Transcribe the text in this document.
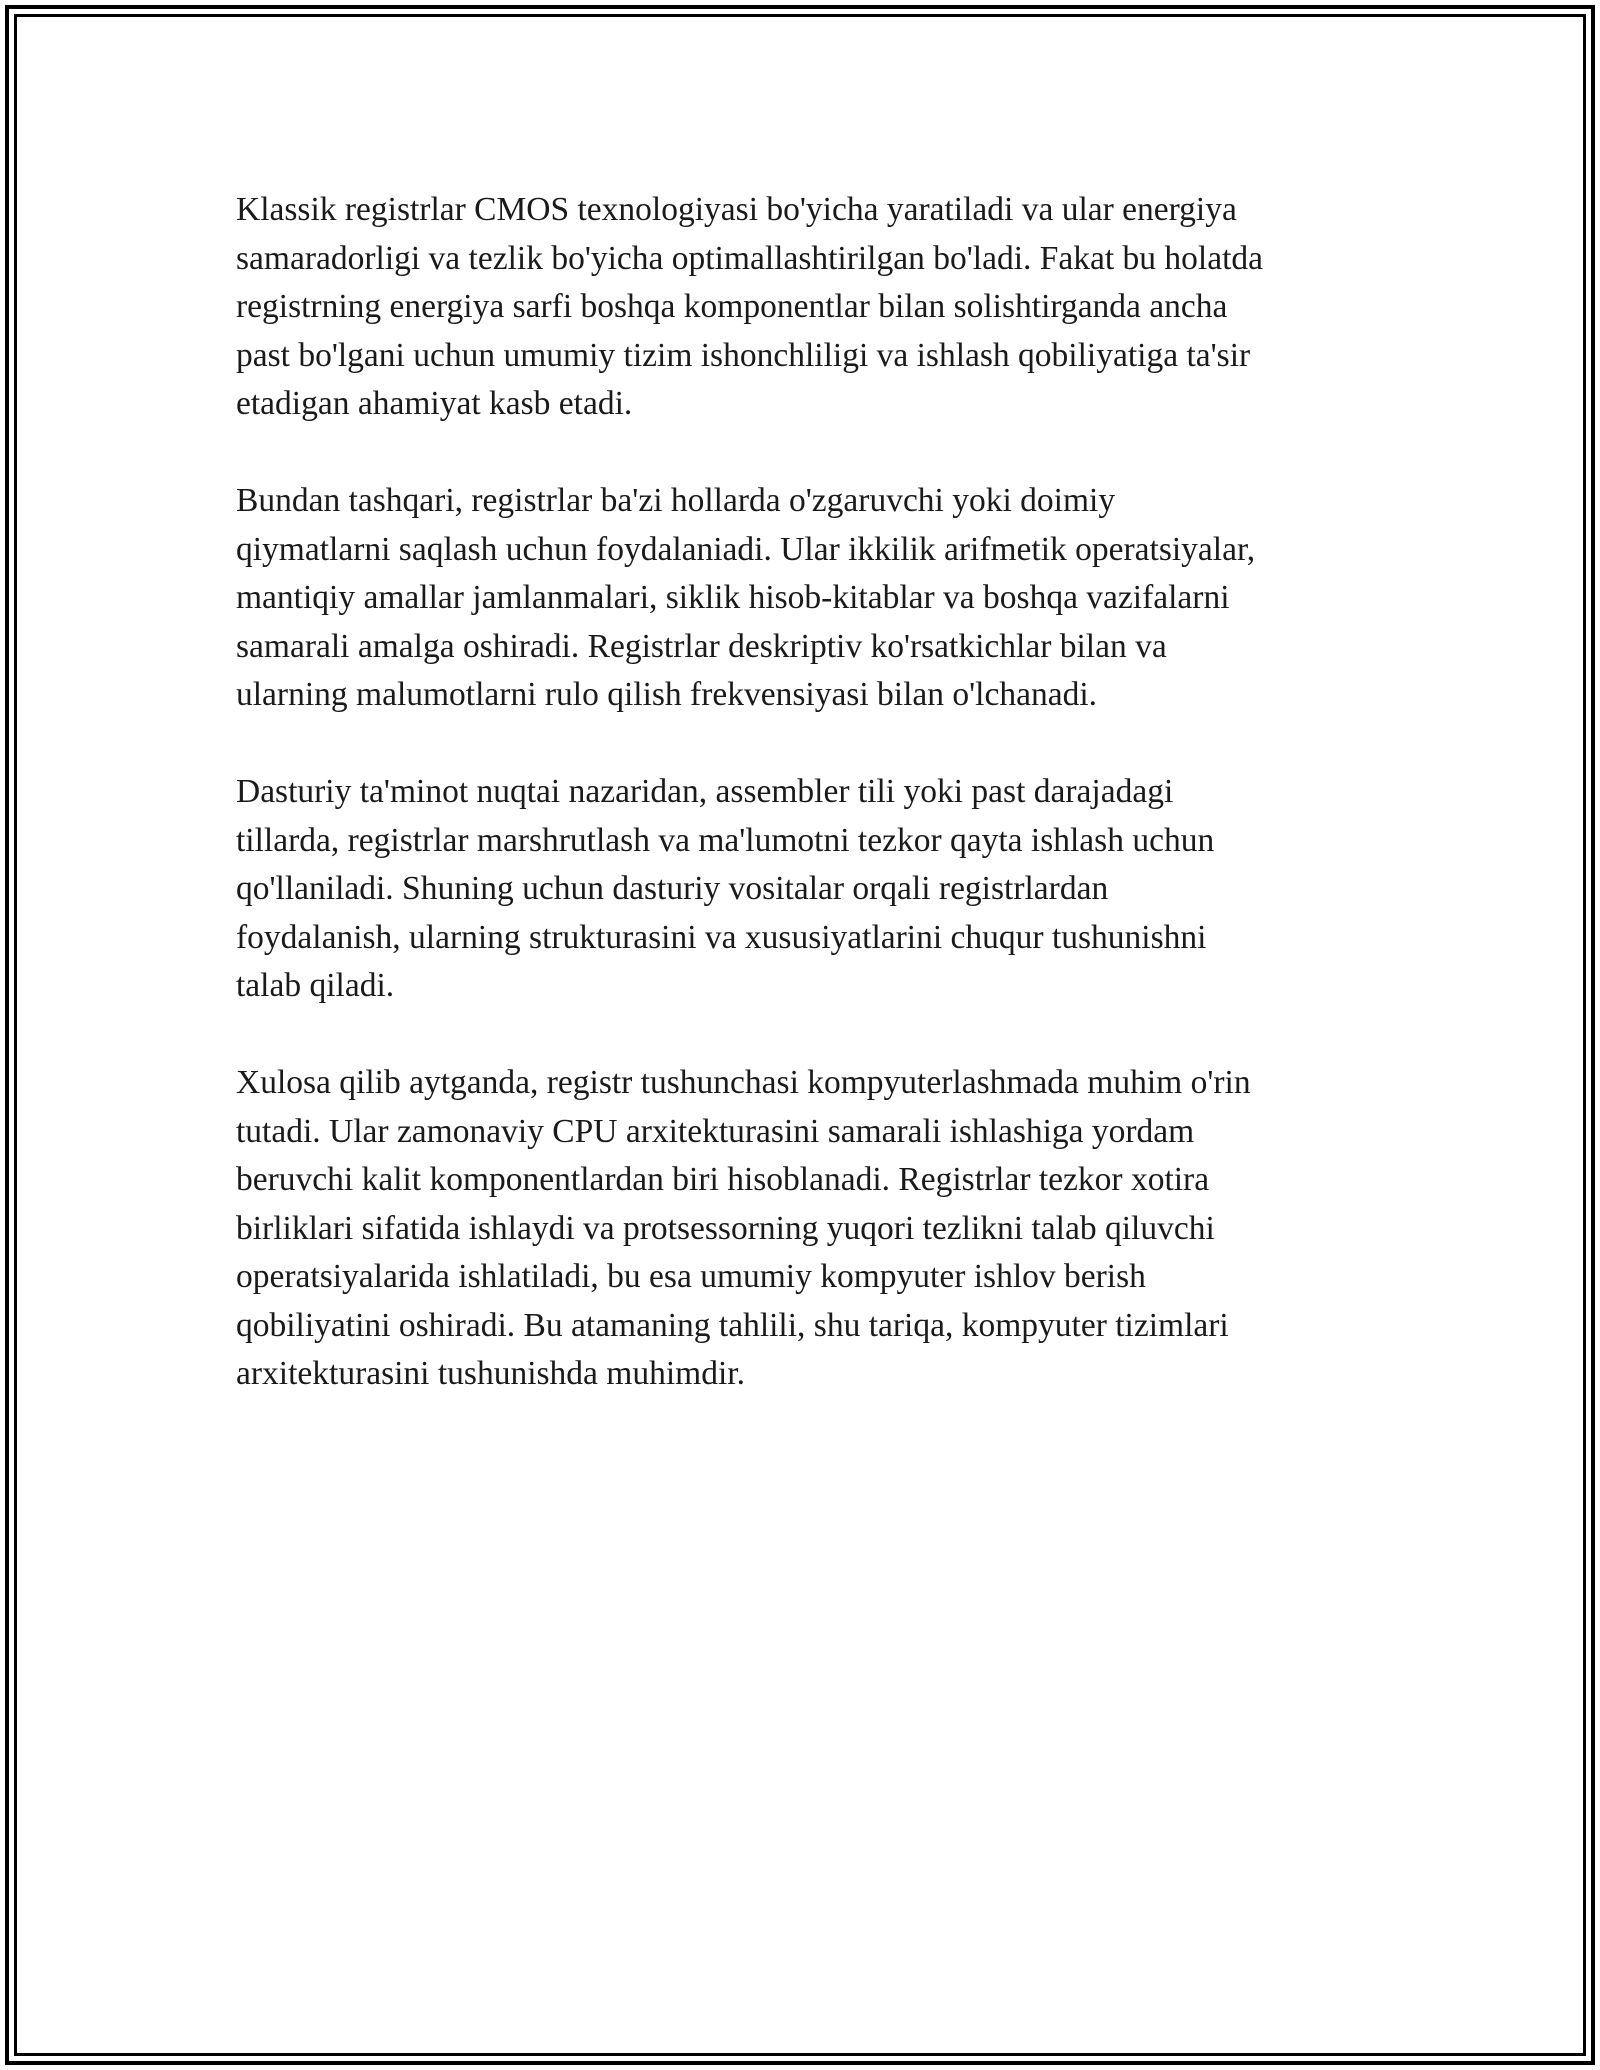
Klassik registrlar CMOS texnologiyasi bo'yicha yaratiladi va ular energiya
samaradorligi va tezlik bo'yicha optimallashtirilgan bo'ladi. Fakat bu holatda
registrning energiya sarfi boshqa komponentlar bilan solishtirganda ancha
past bo'lgani uchun umumiy tizim ishonchliligi va ishlash qobiliyatiga ta'sir
etadigan ahamiyat kasb etadi.

Bundan tashqari, registrlar ba'zi hollarda o'zgaruvchi yoki doimiy
qiymatlarni saqlash uchun foydalaniadi. Ular ikkilik arifmetik operatsiyalar,
mantiqiy amallar jamlanmalari, siklik hisob-kitablar va boshqa vazifalarni
samarali amalga oshiradi. Registrlar deskriptiv ko'rsatkichlar bilan va
ularning malumotlarni rulo qilish frekvensiyasi bilan o'lchanadi.

Dasturiy ta'minot nuqtai nazaridan, assembler tili yoki past darajadagi
tillarda, registrlar marshrutlash va ma'lumotni tezkor qayta ishlash uchun
qo'llaniladi. Shuning uchun dasturiy vositalar orqali registrlardan
foydalanish, ularning strukturasini va xususiyatlarini chuqur tushunishni
talab qiladi.

Xulosa qilib aytganda, registr tushunchasi kompyuterlashmada muhim o'rin
tutadi. Ular zamonaviy CPU arxitekturasini samarali ishlashiga yordam
beruvchi kalit komponentlardan biri hisoblanadi. Registrlar tezkor xotira
birliklari sifatida ishlaydi va protsessorning yuqori tezlikni talab qiluvchi
operatsiyalarida ishlatiladi, bu esa umumiy kompyuter ishlov berish
qobiliyatini oshiradi. Bu atamaning tahlili, shu tariqa, kompyuter tizimlari
arxitekturasini tushunishda muhimdir.
